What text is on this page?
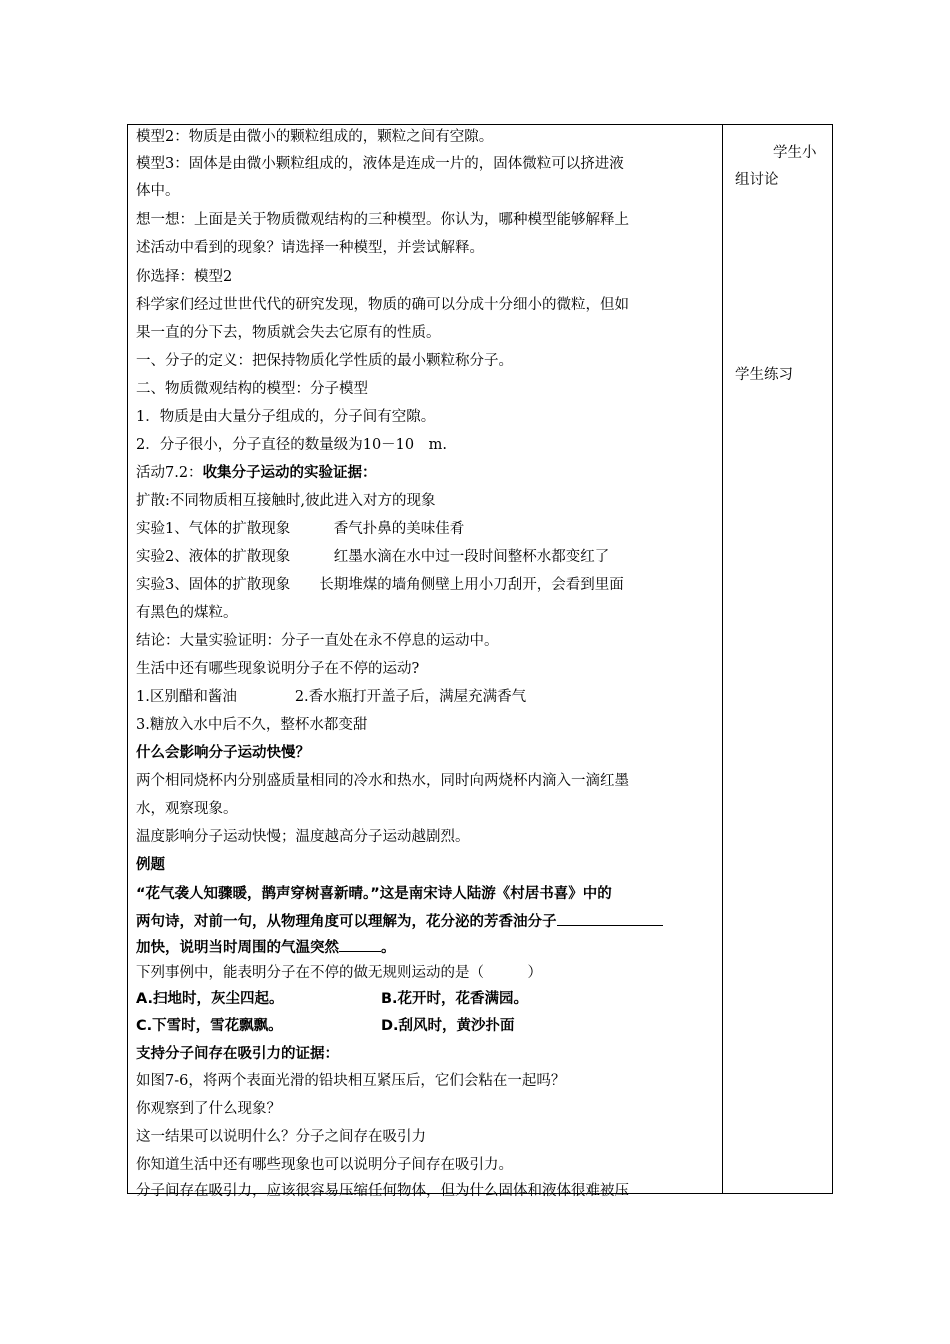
模型2：物质是由微小的颗粒组成的，颗粒之间有空隙。
模型3：固体是由微小颗粒组成的，液体是连成一片的，固体微粒可以挤进液
体中。
想一想：上面是关于物质微观结构的三种模型。你认为，哪种模型能够解释上
述活动中看到的现象？请选择一种模型，并尝试解释。
你选择：模型2
科学家们经过世世代代的研究发现，物质的确可以分成十分细小的微粒，但如
果一直的分下去，物质就会失去它原有的性质。
一、分子的定义：把保持物质化学性质的最小颗粒称分子。
二、物质微观结构的模型：分子模型
1．物质是由大量分子组成的，分子间有空隙。
2．分子很小，分子直径的数量级为10－10　m.
活动7.2：收集分子运动的实验证据：
扩散:不同物质相互接触时,彼此进入对方的现象
实验1、气体的扩散现象　　　香气扑鼻的美味佳肴
实验2、液体的扩散现象　　　红墨水滴在水中过一段时间整杯水都变红了
实验3、固体的扩散现象　　长期堆煤的墙角侧壁上用小刀刮开，会看到里面
有黑色的煤粒。
结论：大量实验证明：分子一直处在永不停息的运动中。
生活中还有哪些现象说明分子在不停的运动?
1.区别醋和酱油　　　　2.香水瓶打开盖子后，满屋充满香气
3.糖放入水中后不久，整杯水都变甜
什么会影响分子运动快慢？
两个相同烧杯内分别盛质量相同的冷水和热水，同时向两烧杯内滴入一滴红墨
水，观察现象。
温度影响分子运动快慢；温度越高分子运动越剧烈。
例题
“花气袭人知骤暖，鹊声穿树喜新晴。”这是南宋诗人陆游《村居书喜》中的
两句诗，对前一句，从物理角度可以理解为，花分泌的芳香油分子
加快，说明当时周围的气温突然	。
下列事例中，能表明分子在不停的做无规则运动的是（　　　）
A.扫地时，灰尘四起。	B.花开时，花香满园。
C.下雪时，雪花飘飘。	D.刮风时，黄沙扑面
支持分子间存在吸引力的证据：
如图7-6，将两个表面光滑的铅块相互紧压后，它们会粘在一起吗？
你观察到了什么现象？
这一结果可以说明什么？分子之间存在吸引力
你知道生活中还有哪些现象也可以说明分子间存在吸引力。
分子间存在吸引力，应该很容易压缩任何物体，但为什么固体和液体很难被压
学生小
组讨论
学生练习
